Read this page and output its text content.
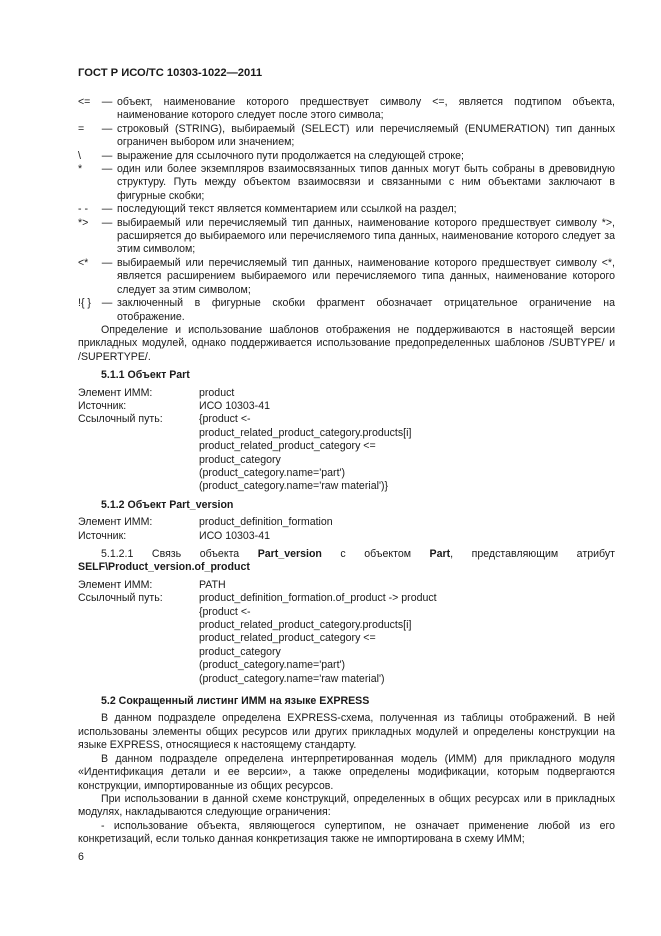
ГОСТ Р ИСО/ТС 10303-1022—2011
<=	— объект, наименование которого предшествует символу <=, является подтипом объекта, наименование которого следует после этого символа;
=	— строковый (STRING), выбираемый (SELECT) или перечисляемый (ENUMERATION) тип данных ограничен выбором или значением;
\	— выражение для ссылочного пути продолжается на следующей строке;
*	— один или более экземпляров взаимосвязанных типов данных могут быть собраны в древовидную структуру. Путь между объектом взаимосвязи и связанными с ним объектами заключают в фигурные скобки;
- -	— последующий текст является комментарием или ссылкой на раздел;
*>	— выбираемый или перечисляемый тип данных, наименование которого предшествует символу *>, расширяется до выбираемого или перечисляемого типа данных, наименование которого следует за этим символом;
<*	— выбираемый или перечисляемый тип данных, наименование которого предшествует символу <*, является расширением выбираемого или перечисляемого типа данных, наименование которого следует за этим символом;
!{ }	— заключенный в фигурные скобки фрагмент обозначает отрицательное ограничение на отображение.

Определение и использование шаблонов отображения не поддерживаются в настоящей версии прикладных модулей, однако поддерживается использование предопределенных шаблонов /SUBTYPE/ и /SUPERTYPE/.

5.1.1 Объект Part
Элемент ИММ:	product
Источник:	ИСО 10303-41
Ссылочный путь:	{product <-
product_related_product_category.products[i]
product_related_product_category <=
product_category
(product_category.name='part')
(product_category.name='raw material')}
5.1.2 Объект Part_version
Элемент ИММ:	product_definition_formation
Источник:	ИСО 10303-41
5.1.2.1 Связь объекта Part_version с объектом Part, представляющим атрибут
SELF\Product_version.of_product
Элемент ИММ:	PATH
Ссылочный путь:	product_definition_formation.of_product -> product
{product <-
product_related_product_category.products[i]
product_related_product_category <=
product_category
(product_category.name='part')
(product_category.name='raw material')
5.2 Сокращенный листинг ИММ на языке EXPRESS

В данном подразделе определена EXPRESS-схема, полученная из таблицы отображений. В ней использованы элементы общих ресурсов или других прикладных модулей и определены конструкции на языке EXPRESS, относящиеся к настоящему стандарту.

В данном подразделе определена интерпретированная модель (ИММ) для прикладного модуля «Идентификация детали и ее версии», а также определены модификации, которым подвергаются конструкции, импортированные из общих ресурсов.

При использовании в данной схеме конструкций, определенных в общих ресурсах или в прикладных модулях, накладываются следующие ограничения:

- использование объекта, являющегося супертипом, не означает применение любой из его конкретизаций, если только данная конкретизация также не импортирована в схему ИММ;

6
